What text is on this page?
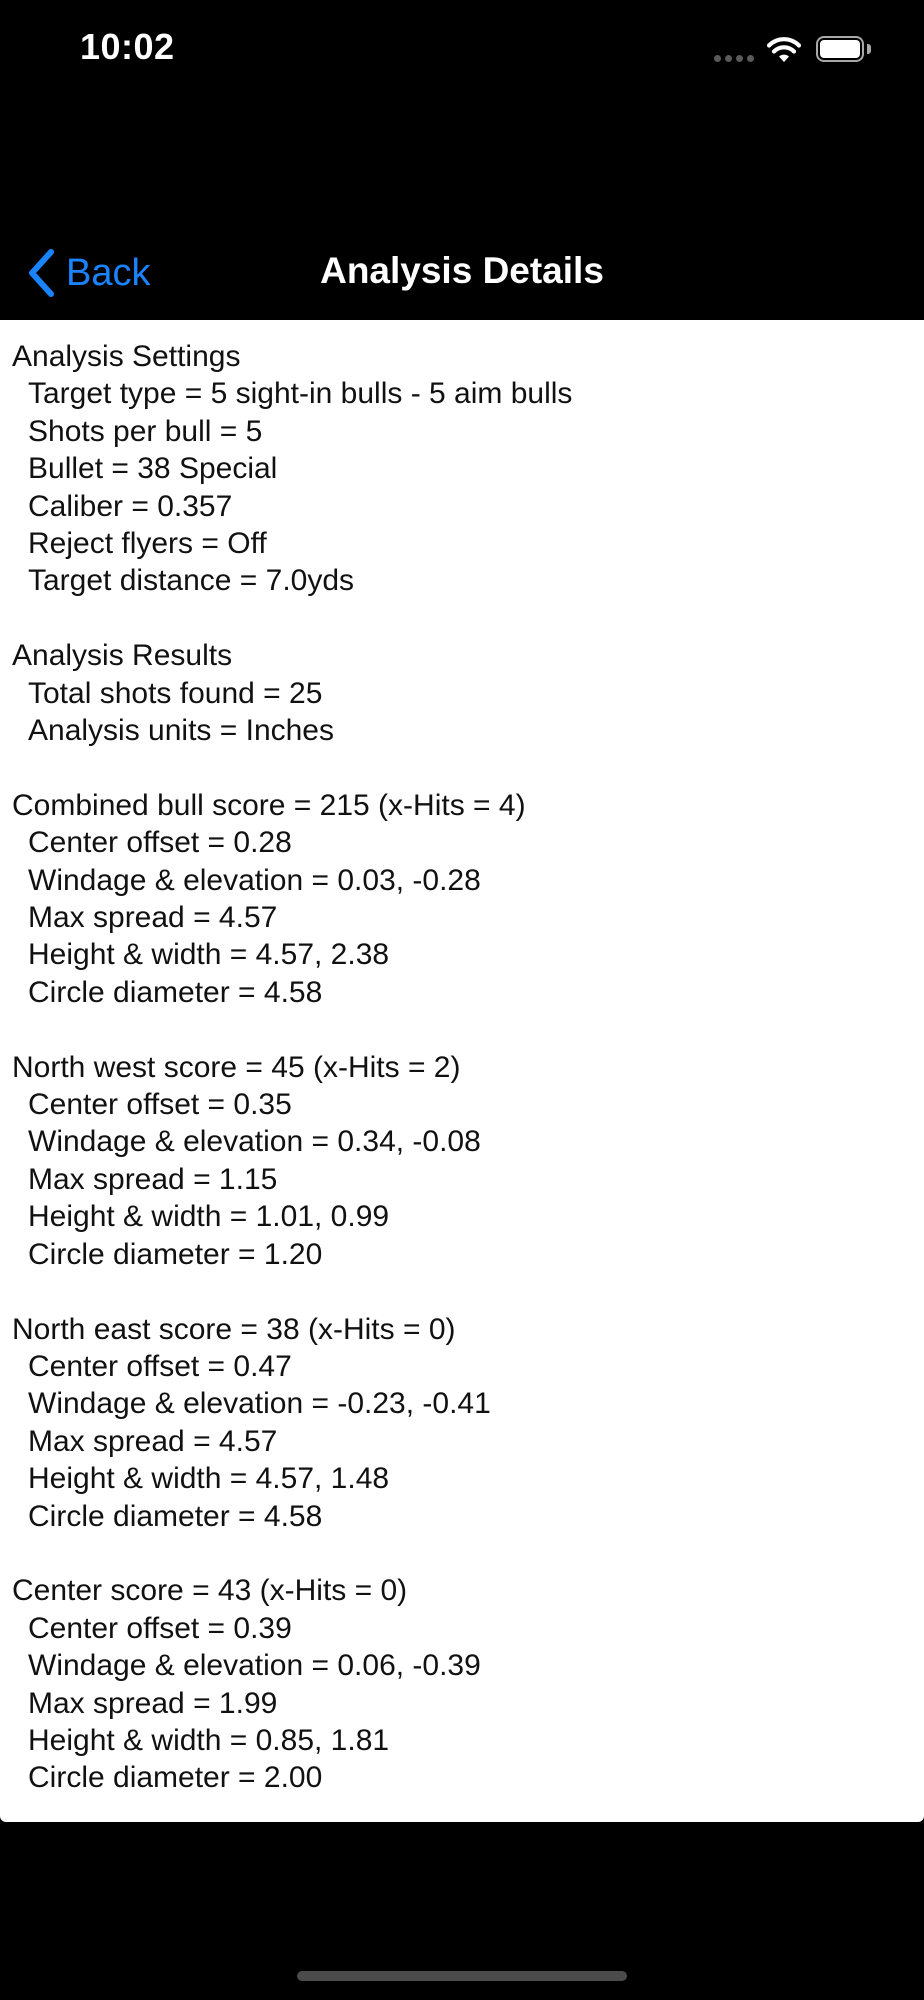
10:02
Back	Analysis Details
Analysis Settings
Target type = 5 sight-in bulls - 5 aim bulls
Shots per bull = 5
Bullet = 38 Special
Caliber = 0.357
Reject flyers = Off
Target distance = 7.0yds
Analysis Results
Total shots found = 25
Analysis units = Inches
Combined bull score = 215 (x-Hits = 4)
Center offset = 0.28
Windage & elevation = 0.03, -0.28
Max spread = 4.57
Height & width = 4.57, 2.38
Circle diameter = 4.58
North west score = 45 (x-Hits = 2)
Center offset = 0.35
Windage & elevation = 0.34, -0.08
Max spread = 1.15
Height & width = 1.01, 0.99
Circle diameter = 1.20
North east score = 38 (x-Hits = 0)
Center offset = 0.47
Windage & elevation = -0.23, -0.41
Max spread = 4.57
Height & width = 4.57, 1.48
Circle diameter = 4.58
Center score = 43 (x-Hits = 0)
Center offset = 0.39
Windage & elevation = 0.06, -0.39
Max spread = 1.99
Height & width = 0.85, 1.81
Circle diameter = 2.00
